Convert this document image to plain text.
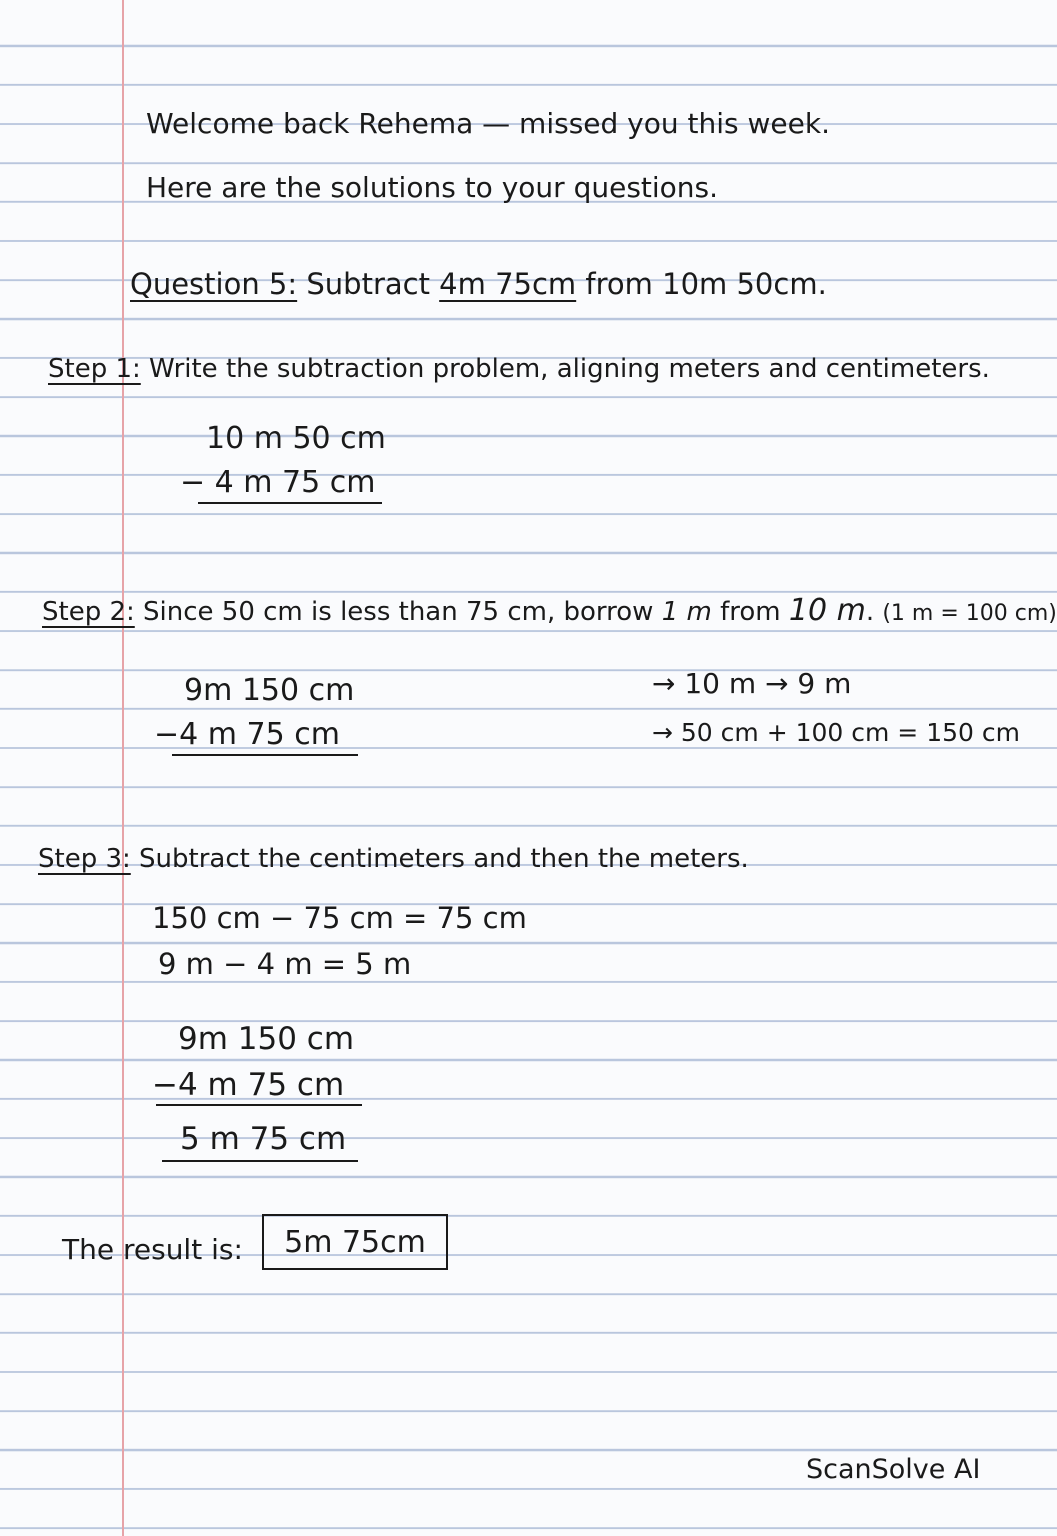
Welcome back Rehema — missed you this week.
Here are the solutions to your questions.
Question 5: Subtract 4m 75cm from 10m 50cm.
Step 1: Write the subtraction problem, aligning meters and centimeters.
10 m 50 cm
− 4 m 75 cm
Step 2: Since 50 cm is less than 75 cm, borrow 1 m from 10 m. (1 m = 100 cm)
9m 150 cm
−4 m 75 cm
→ 10 m → 9 m
→ 50 cm + 100 cm = 150 cm
Step 3: Subtract the centimeters and then the meters.
150 cm − 75 cm = 75 cm
9 m − 4 m = 5 m
9m 150 cm
−4 m 75 cm
5 m 75 cm
The result is: 5m 75cm
ScanSolve AI
